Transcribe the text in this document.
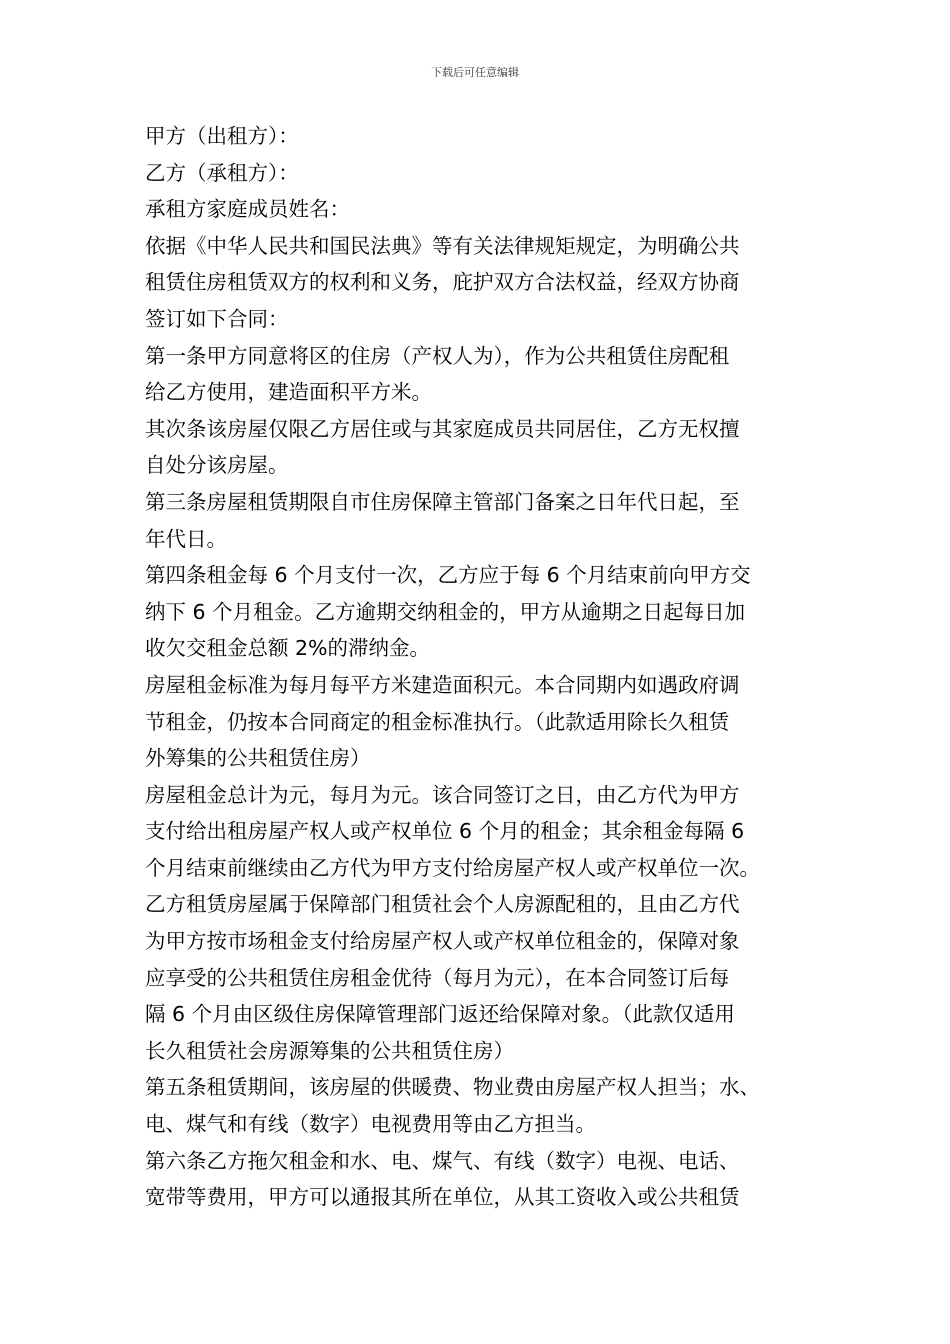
下载后可任意编辑

甲方（出租方）：

乙方（承租方）：

承租方家庭成员姓名：

依据《中华人民共和国民法典》等有关法律规矩规定，为明确公共

租赁住房租赁双方的权利和义务，庇护双方合法权益，经双方协商

签订如下合同：

第一条甲方同意将区的住房（产权人为），作为公共租赁住房配租

给乙方使用，建造面积平方米。

其次条该房屋仅限乙方居住或与其家庭成员共同居住，乙方无权擅

自处分该房屋。

第三条房屋租赁期限自市住房保障主管部门备案之日年代日起，至

年代日。

第四条租金每 6 个月支付一次，乙方应于每 6 个月结束前向甲方交

纳下 6 个月租金。乙方逾期交纳租金的，甲方从逾期之日起每日加

收欠交租金总额 2%的滞纳金。

房屋租金标准为每月每平方米建造面积元。本合同期内如遇政府调

节租金，仍按本合同商定的租金标准执行。（此款适用除长久租赁

外筹集的公共租赁住房）

房屋租金总计为元，每月为元。该合同签订之日，由乙方代为甲方

支付给出租房屋产权人或产权单位 6 个月的租金；其余租金每隔 6

个月结束前继续由乙方代为甲方支付给房屋产权人或产权单位一次。

乙方租赁房屋属于保障部门租赁社会个人房源配租的，且由乙方代

为甲方按市场租金支付给房屋产权人或产权单位租金的，保障对象

应享受的公共租赁住房租金优待（每月为元），在本合同签订后每

隔 6 个月由区级住房保障管理部门返还给保障对象。（此款仅适用

长久租赁社会房源筹集的公共租赁住房）

第五条租赁期间，该房屋的供暖费、物业费由房屋产权人担当；水、

电、煤气和有线（数字）电视费用等由乙方担当。

第六条乙方拖欠租金和水、电、煤气、有线（数字）电视、电话、

宽带等费用，甲方可以通报其所在单位，从其工资收入或公共租赁
